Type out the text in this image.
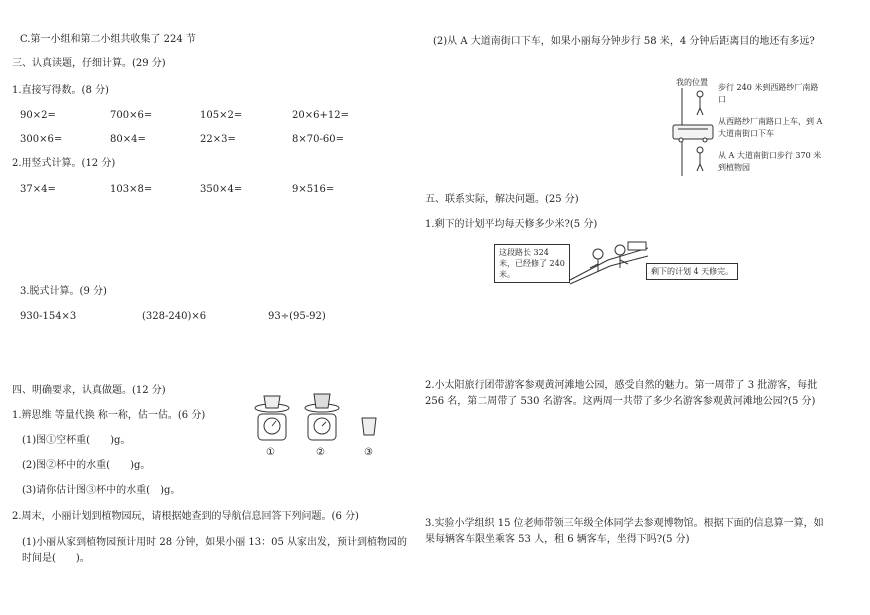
C.第一小组和第二小组共收集了 224 节
三、认真读题，仔细计算。(29 分)
1.直接写得数。(8 分)
90×2=	700×6=	105×2=	20×6+12=
300×6=	80×4=	22×3=	8×70-60=
2.用竖式计算。(12 分)
37×4=	103×8=	350×4=	9×516=
3.脱式计算。(9 分)
930-154×3	(328-240)×6	93÷(95-92)
四、明确要求，认真做题。(12 分)
1.辨思维 等量代换 称一称，估一估。(6 分)
(1)图①空杯重(　　)g。
(2)图②杯中的水重(　　)g。
(3)请你估计图③杯中的水重(　)g。
①	②	③
2.周末，小丽计划到植物园玩，请根据她查到的导航信息回答下列问题。(6 分)
(1)小丽从家到植物园预计用时 28 分钟，如果小丽 13：05 从家出发，预计到植物园的时间是(　　)。
(2)从 A 大道南街口下车，如果小丽每分钟步行 58 米，4 分钟后距离目的地还有多远?
我的位置
步行 240 米到西路纱厂南路口
从西路纱厂南路口上车，到 A 大道南街口下车
从 A 大道南街口步行 370 米到植物园
五、联系实际，解决问题。(25 分)
1.剩下的计划平均每天修多少米?(5 分)
这段路长 324 米，已经修了 240 米。	剩下的计划 4 天修完。
2.小太阳旅行团带游客参观黄河滩地公园，感受自然的魅力。第一周带了 3 批游客，每批 256 名，第二周带了 530 名游客。这两周一共带了多少名游客参观黄河滩地公园?(5 分)
3.实验小学组织 15 位老师带领三年级全体同学去参观博物馆。根据下面的信息算一算，如果每辆客车限坐乘客 53 人，租 6 辆客车，坐得下吗?(5 分)
